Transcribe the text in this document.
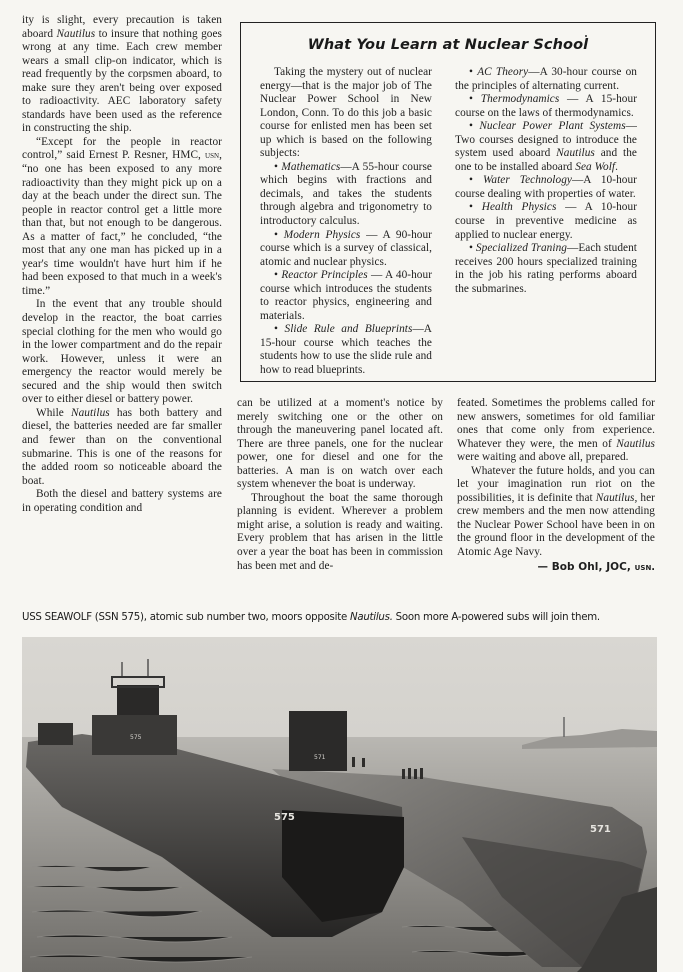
ity is slight, every precaution is taken aboard Nautilus to insure that nothing goes wrong at any time. Each crew member wears a small clip-on indicator, which is read frequently by the corpsmen aboard, to make sure they aren't being over exposed to radioactivity. AEC laboratory safety standards have been used as the reference in constructing the ship.

“Except for the people in reactor control,” said Ernest P. Resner, HMC, usn, “no one has been exposed to any more radioactivity than they might pick up on a day at the beach under the direct sun. The people in reactor control get a little more than that, but not enough to be dangerous. As a matter of fact,” he concluded, “the most that any one man has picked up in a year's time wouldn't have hurt him if he had been exposed to that much in a week's time.”

In the event that any trouble should develop in the reactor, the boat carries special clothing for the men who would go in the lower compartment and do the repair work. However, unless it were an emergency the reactor would merely be secured and the ship would then switch over to either diesel or battery power.

While Nautilus has both battery and diesel, the batteries needed are far smaller and fewer than on the conventional submarine. This is one of the reasons for the added room so noticeable aboard the boat.

Both the diesel and battery systems are in operating condition and

What You Learn at Nuclear School

Taking the mystery out of nuclear energy—that is the major job of The Nuclear Power School in New London, Conn. To do this job a basic course for enlisted men has been set up which is based on the following subjects:

• Mathematics—A 55-hour course which begins with fractions and decimals, and takes the students through algebra and trigonometry to introductory calculus.

• Modern Physics — A 90-hour course which is a survey of classical, atomic and nuclear physics.

• Reactor Principles — A 40-hour course which introduces the students to reactor physics, engineering and materials.

• Slide Rule and Blueprints—A 15-hour course which teaches the students how to use the slide rule and how to read blueprints.

• AC Theory—A 30-hour course on the principles of alternating current.

• Thermodynamics — A 15-hour course on the laws of thermodynamics.

• Nuclear Power Plant Systems—Two courses designed to introduce the system used aboard Nautilus and the one to be installed aboard Sea Wolf.

• Water Technology—A 10-hour course dealing with properties of water.

• Health Physics — A 10-hour course in preventive medicine as applied to nuclear energy.

• Specialized Traning—Each student receives 200 hours specialized training in the job his rating performs aboard the submarines.

can be utilized at a moment's notice by merely switching one or the other on through the maneuvering panel located aft. There are three panels, one for the nuclear power, one for diesel and one for the batteries. A man is on watch over each system whenever the boat is underway.

Throughout the boat the same thorough planning is evident. Wherever a problem might arise, a solution is ready and waiting. Every problem that has arisen in the little over a year the boat has been in commission has been met and de-

feated. Sometimes the problems called for new answers, sometimes for old familiar ones that come only from experience. Whatever they were, the men of Nautilus were waiting and above all, prepared.

Whatever the future holds, and you can let your imagination run riot on the possibilities, it is definite that Nautilus, her crew members and the men now attending the Nuclear Power School have been in on the ground floor in the development of the Atomic Age Navy.

— Bob Ohl, JOC, usn.
USS SEAWOLF (SSN 575), atomic sub number two, moors opposite Nautilus. Soon more A-powered subs will join them.
575
575
571
571
